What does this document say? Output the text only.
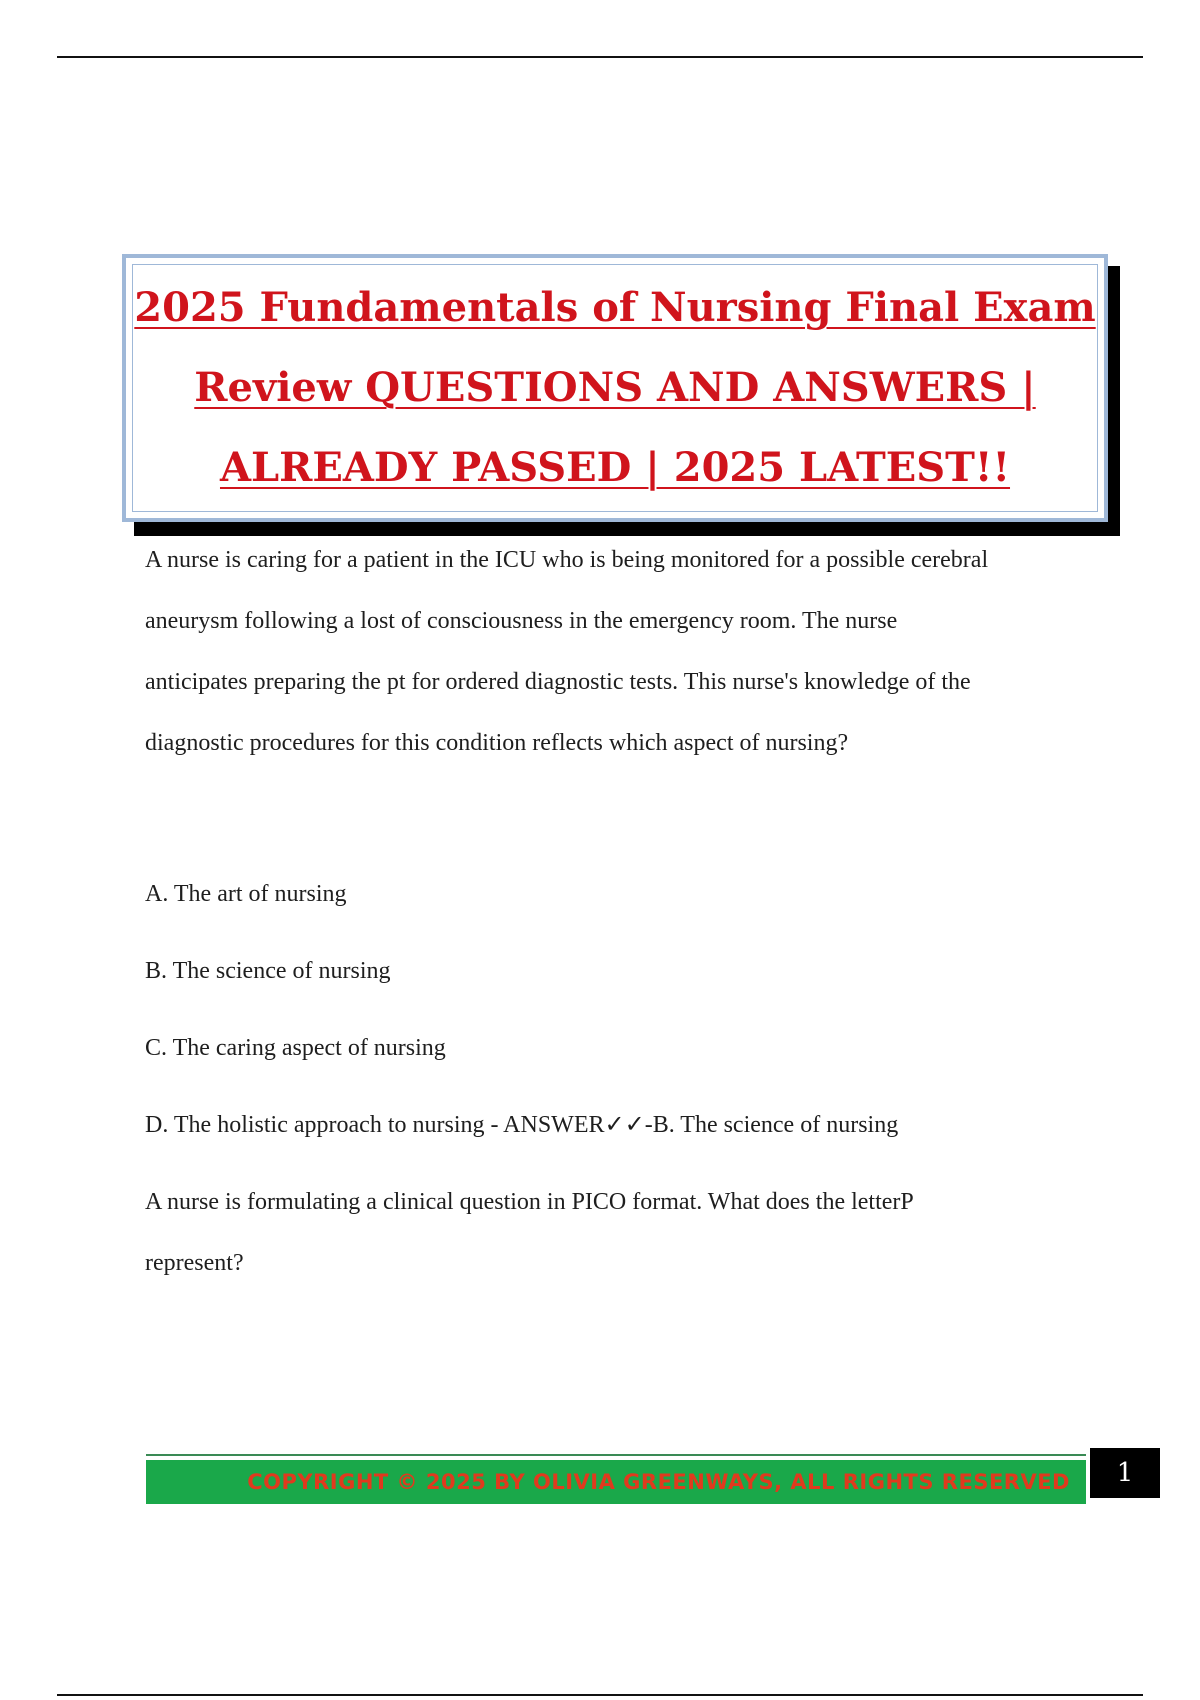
2025 Fundamentals of Nursing Final Exam
Review QUESTIONS AND ANSWERS |
ALREADY PASSED | 2025 LATEST!!
A nurse is caring for a patient in the ICU who is being monitored for a possible cerebral
aneurysm following a lost of consciousness in the emergency room. The nurse
anticipates preparing the pt for ordered diagnostic tests. This nurse's knowledge of the
diagnostic procedures for this condition reflects which aspect of nursing?
A. The art of nursing
B. The science of nursing
C. The caring aspect of nursing
D. The holistic approach to nursing - ANSWER✓✓-B. The science of nursing
A nurse is formulating a clinical question in PICO format. What does the letterP
represent?
COPYRIGHT © 2025 BY OLIVIA GREENWAYS, ALL RIGHTS RESERVED	1
